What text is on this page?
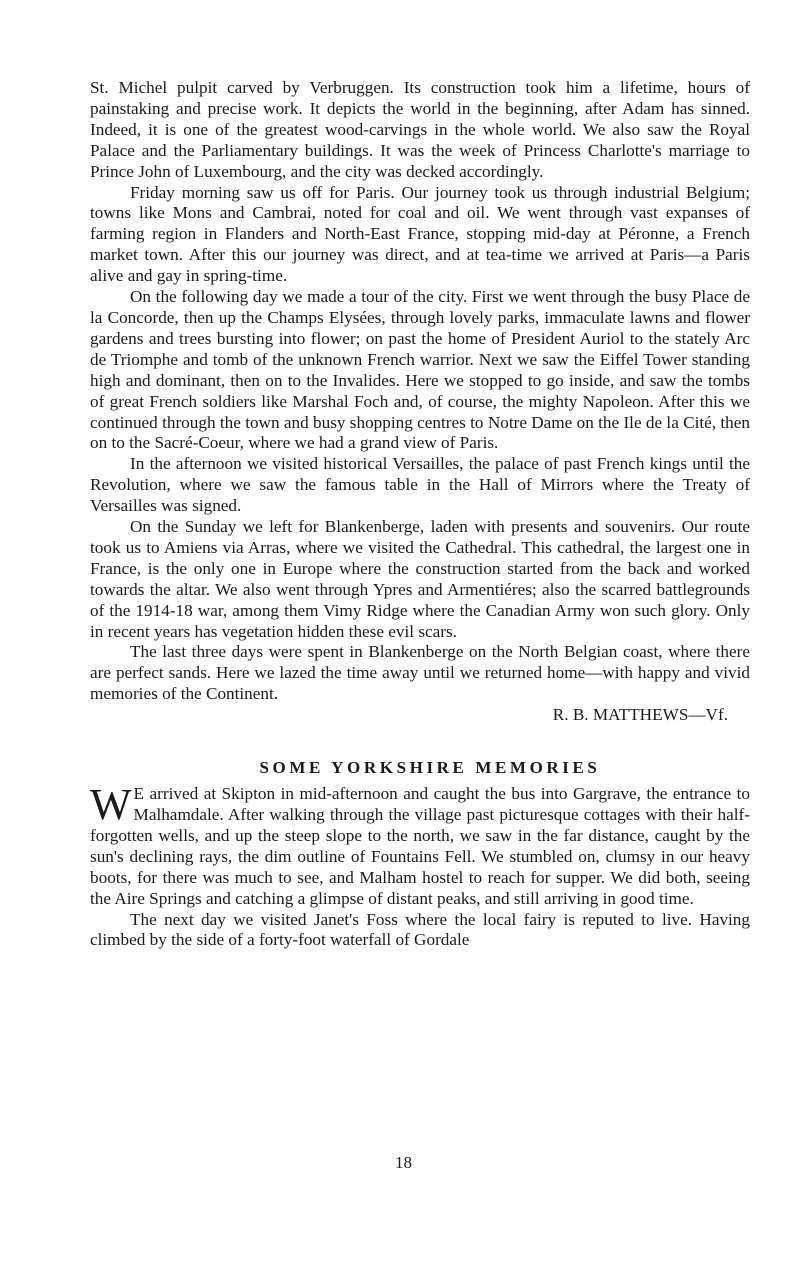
St. Michel pulpit carved by Verbruggen. Its construction took him a lifetime, hours of painstaking and precise work. It depicts the world in the beginning, after Adam has sinned. Indeed, it is one of the greatest wood-carvings in the whole world. We also saw the Royal Palace and the Parliamentary buildings. It was the week of Princess Charlotte's marriage to Prince John of Luxembourg, and the city was decked accordingly.

Friday morning saw us off for Paris. Our journey took us through industrial Belgium; towns like Mons and Cambrai, noted for coal and oil. We went through vast expanses of farming region in Flanders and North-East France, stopping mid-day at Péronne, a French market town. After this our journey was direct, and at tea-time we arrived at Paris—a Paris alive and gay in spring-time.

On the following day we made a tour of the city. First we went through the busy Place de la Concorde, then up the Champs Elysées, through lovely parks, immaculate lawns and flower gardens and trees bursting into flower; on past the home of President Auriol to the stately Arc de Triomphe and tomb of the unknown French warrior. Next we saw the Eiffel Tower standing high and dominant, then on to the Invalides. Here we stopped to go inside, and saw the tombs of great French soldiers like Marshal Foch and, of course, the mighty Napoleon. After this we continued through the town and busy shopping centres to Notre Dame on the Ile de la Cité, then on to the Sacré-Coeur, where we had a grand view of Paris.

In the afternoon we visited historical Versailles, the palace of past French kings until the Revolution, where we saw the famous table in the Hall of Mirrors where the Treaty of Versailles was signed.

On the Sunday we left for Blankenberge, laden with presents and souvenirs. Our route took us to Amiens via Arras, where we visited the Cathedral. This cathedral, the largest one in France, is the only one in Europe where the construction started from the back and worked towards the altar. We also went through Ypres and Armentiéres; also the scarred battlegrounds of the 1914-18 war, among them Vimy Ridge where the Canadian Army won such glory. Only in recent years has vegetation hidden these evil scars.

The last three days were spent in Blankenberge on the North Belgian coast, where there are perfect sands. Here we lazed the time away until we returned home—with happy and vivid memories of the Continent.

R. B. MATTHEWS—Vf.

SOME YORKSHIRE MEMORIES

W E arrived at Skipton in mid-afternoon and caught the bus into Gargrave, the entrance to Malhamdale. After walking through the village past picturesque cottages with their half-forgotten wells, and up the steep slope to the north, we saw in the far distance, caught by the sun's declining rays, the dim outline of Fountains Fell. We stumbled on, clumsy in our heavy boots, for there was much to see, and Malham hostel to reach for supper. We did both, seeing the Aire Springs and catching a glimpse of distant peaks, and still arriving in good time.

The next day we visited Janet's Foss where the local fairy is reputed to live. Having climbed by the side of a forty-foot waterfall of Gordale

18
